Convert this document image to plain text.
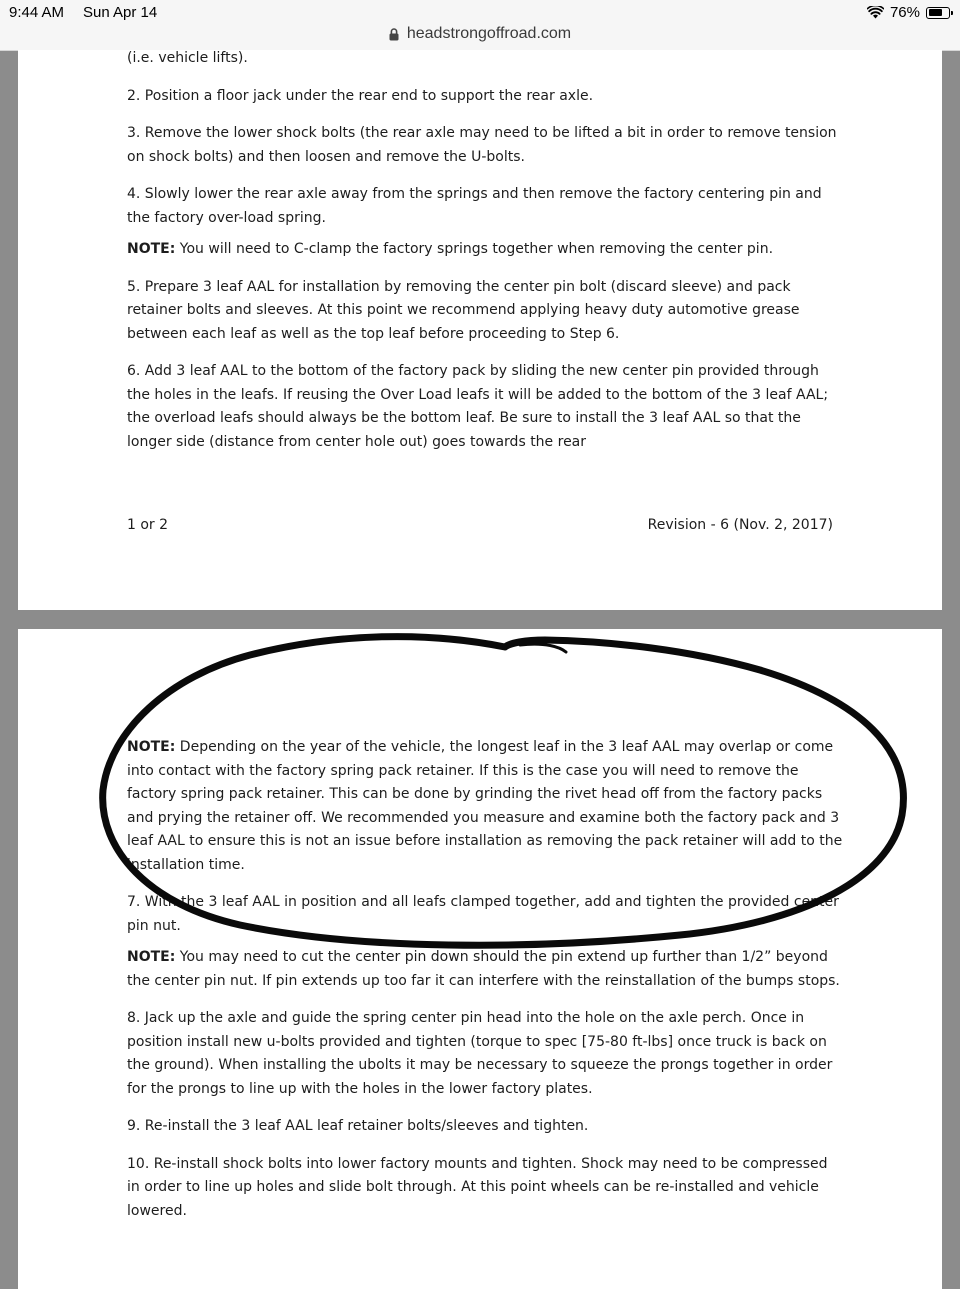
9:44 AM Sun Apr 14	76%
headstrongoffroad.com

(i.e. vehicle lifts).

2. Position a floor jack under the rear end to support the rear axle.

3. Remove the lower shock bolts (the rear axle may need to be lifted a bit in order to remove tension on shock bolts) and then loosen and remove the U-bolts.

4. Slowly lower the rear axle away from the springs and then remove the factory centering pin and the factory over-load spring.

NOTE: You will need to C-clamp the factory springs together when removing the center pin.

5. Prepare 3 leaf AAL for installation by removing the center pin bolt (discard sleeve) and pack retainer bolts and sleeves. At this point we recommend applying heavy duty automotive grease between each leaf as well as the top leaf before proceeding to Step 6.

6. Add 3 leaf AAL to the bottom of the factory pack by sliding the new center pin provided through the holes in the leafs. If reusing the Over Load leafs it will be added to the bottom of the 3 leaf AAL; the overload leafs should always be the bottom leaf. Be sure to install the 3 leaf AAL so that the longer side (distance from center hole out) goes towards the rear

1 or 2	Revision - 6 (Nov. 2, 2017)

NOTE: Depending on the year of the vehicle, the longest leaf in the 3 leaf AAL may overlap or come into contact with the factory spring pack retainer. If this is the case you will need to remove the factory spring pack retainer. This can be done by grinding the rivet head off from the factory packs and prying the retainer off. We recommended you measure and examine both the factory pack and 3 leaf AAL to ensure this is not an issue before installation as removing the pack retainer will add to the installation time.

7. With the 3 leaf AAL in position and all leafs clamped together, add and tighten the provided center pin nut.

NOTE: You may need to cut the center pin down should the pin extend up further than 1/2” beyond the center pin nut. If pin extends up too far it can interfere with the reinstallation of the bumps stops.

8. Jack up the axle and guide the spring center pin head into the hole on the axle perch. Once in position install new u-bolts provided and tighten (torque to spec [75-80 ft-lbs] once truck is back on the ground). When installing the ubolts it may be necessary to squeeze the prongs together in order for the prongs to line up with the holes in the lower factory plates.

9. Re-install the 3 leaf AAL leaf retainer bolts/sleeves and tighten.

10. Re-install shock bolts into lower factory mounts and tighten. Shock may need to be compressed in order to line up holes and slide bolt through. At this point wheels can be re-installed and vehicle lowered.
